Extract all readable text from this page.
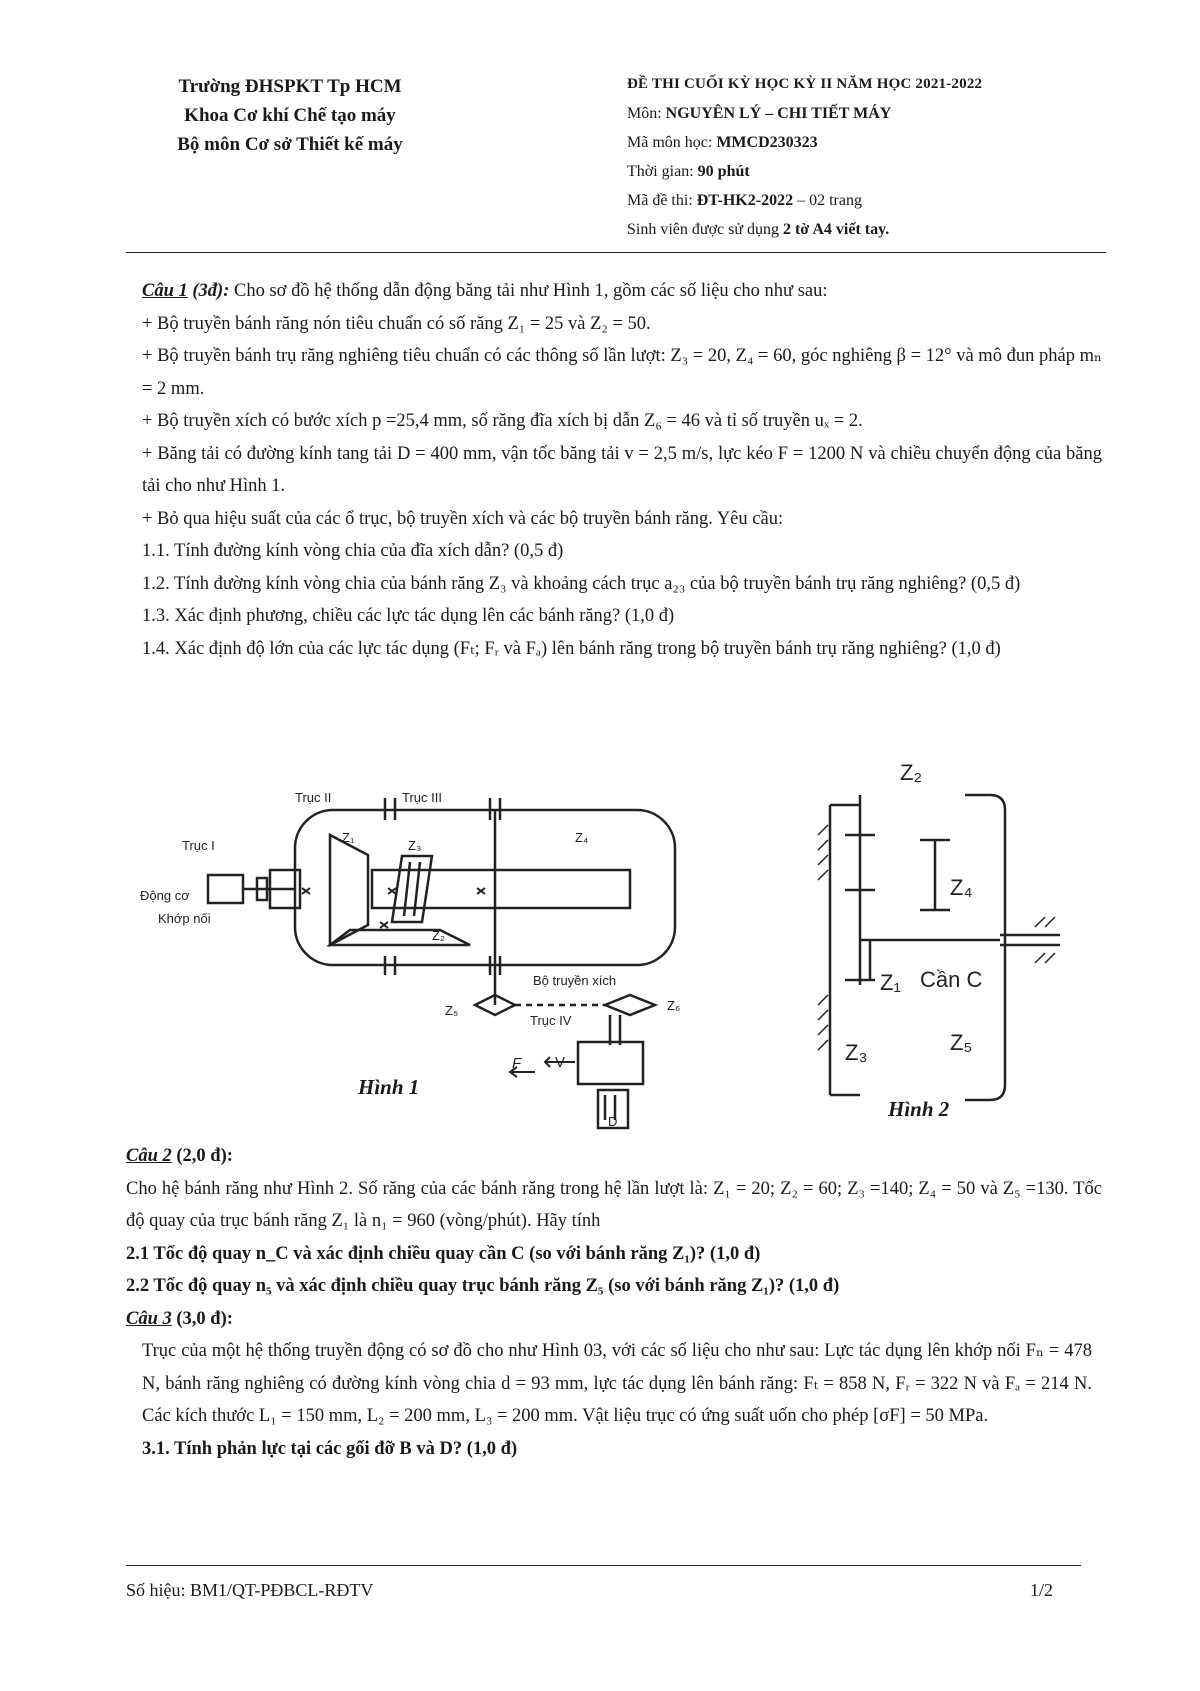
Trường ĐHSPKT Tp HCM
Khoa Cơ khí Chế tạo máy
Bộ môn Cơ sở Thiết kế máy
ĐỀ THI CUỐI KỲ HỌC KỲ II NĂM HỌC 2021-2022
Môn: NGUYÊN LÝ – CHI TIẾT MÁY
Mã môn học: MMCD230323
Thời gian: 90 phút
Mã đề thi: ĐT-HK2-2022 – 02 trang
Sinh viên được sử dụng 2 tờ A4 viết tay.

Câu 1 (3đ): Cho sơ đồ hệ thống dẫn động băng tải như Hình 1, gồm các số liệu cho như sau:

+ Bộ truyền bánh răng nón tiêu chuẩn có số răng Z₁ = 25 và Z₂ = 50.

+ Bộ truyền bánh trụ răng nghiêng tiêu chuẩn có các thông số lần lượt: Z₃ = 20, Z₄ = 60, góc nghiêng β = 12° và mô đun pháp mₙ = 2 mm.

+ Bộ truyền xích có bước xích p =25,4 mm, số răng đĩa xích bị dẫn Z₆ = 46 và tỉ số truyền uₓ = 2.

+ Băng tải có đường kính tang tải D = 400 mm, vận tốc băng tải v = 2,5 m/s, lực kéo F = 1200 N và chiều chuyển động của băng tải cho như Hình 1.

+ Bỏ qua hiệu suất của các ổ trục, bộ truyền xích và các bộ truyền bánh răng. Yêu cầu:

1.1. Tính đường kính vòng chia của đĩa xích dẫn? (0,5 đ)

1.2. Tính đường kính vòng chia của bánh răng Z₃ và khoảng cách trục a₂₃ của bộ truyền bánh trụ răng nghiêng? (0,5 đ)

1.3. Xác định phương, chiều các lực tác dụng lên các bánh răng? (1,0 đ)

1.4. Xác định độ lớn của các lực tác dụng (Fₜ; Fᵣ và Fₐ) lên bánh răng trong bộ truyền bánh trụ răng nghiêng? (1,0 đ)

Trục II	Trục III
Trục I
Động cơ
Khớp nối
Z₁
Z₂
Z₃
Z₄
Z₅	Z₆
Bộ truyền xích
Trục IV
V
F
D
Hình 1
Z₂
Z₄
Z₁ Cần C
Z₃	Z₅
Hình 2

Câu 2 (2,0 đ):

Cho hệ bánh răng như Hình 2. Số răng của các bánh răng trong hệ lần lượt là: Z₁ = 20; Z₂ = 60; Z₃ =140; Z₄ = 50 và Z₅ =130. Tốc độ quay của trục bánh răng Z₁ là n₁ = 960 (vòng/phút). Hãy tính

2.1 Tốc độ quay n_C và xác định chiều quay cần C (so với bánh răng Z₁)? (1,0 đ)

2.2 Tốc độ quay n₅ và xác định chiều quay trục bánh răng Z₅ (so với bánh răng Z₁)? (1,0 đ)

Câu 3 (3,0 đ):

Trục của một hệ thống truyền động có sơ đồ cho như Hình 03, với các số liệu cho như sau: Lực tác dụng lên khớp nối Fₙ = 478 N, bánh răng nghiêng có đường kính vòng chia d = 93 mm, lực tác dụng lên bánh răng: Fₜ = 858 N, Fᵣ = 322 N và Fₐ = 214 N. Các kích thước L₁ = 150 mm, L₂ = 200 mm, L₃ = 200 mm. Vật liệu trục có ứng suất uốn cho phép [σF] = 50 MPa.

3.1. Tính phản lực tại các gối đỡ B và D? (1,0 đ)

Số hiệu: BM1/QT-PĐBCL-RĐTV	1/2
